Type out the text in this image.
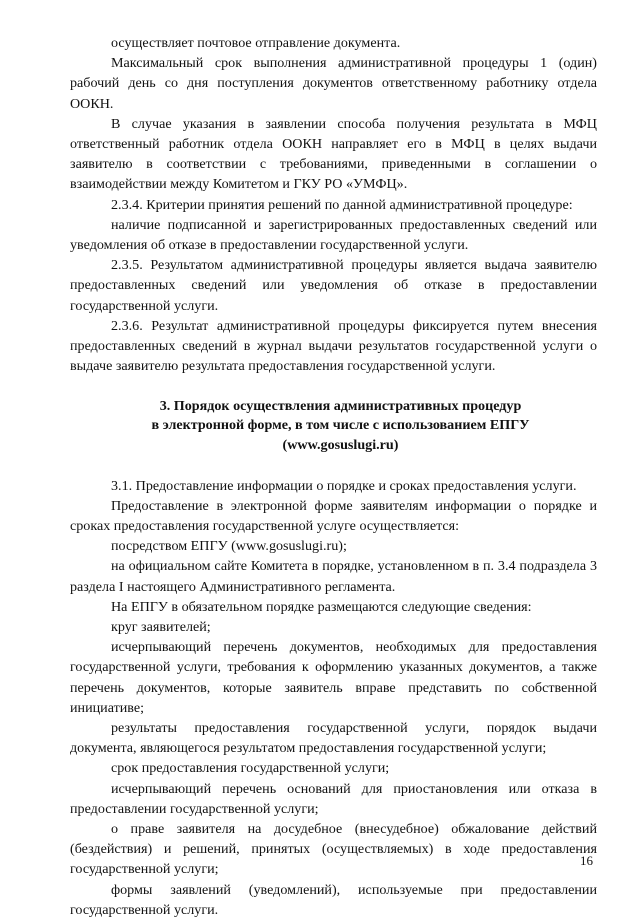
осуществляет почтовое отправление документа.

Максимальный срок выполнения административной процедуры 1 (один) рабочий день со дня поступления документов ответственному работнику отдела ООКН.

В случае указания в заявлении способа получения результата в МФЦ ответственный работник отдела ООКН направляет его в МФЦ в целях выдачи заявителю в соответствии с требованиями, приведенными в соглашении о взаимодействии между Комитетом и ГКУ РО «УМФЦ».

2.3.4. Критерии принятия решений по данной административной процедуре:

наличие подписанной и зарегистрированных предоставленных сведений или уведомления об отказе в предоставлении государственной услуги.

2.3.5. Результатом административной процедуры является выдача заявителю предоставленных сведений или уведомления об отказе в предоставлении государственной услуги.

2.3.6. Результат административной процедуры фиксируется путем внесения предоставленных сведений в журнал выдачи результатов государственной услуги о выдаче заявителю результата предоставления государственной услуги.

3. Порядок осуществления административных процедур
в электронной форме, в том числе с использованием ЕПГУ
(www.gosuslugi.ru)

3.1. Предоставление информации о порядке и сроках предоставления услуги.

Предоставление в электронной форме заявителям информации о порядке и сроках предоставления государственной услуге осуществляется:

посредством ЕПГУ (www.gosuslugi.ru);

на официальном сайте Комитета в порядке, установленном в п. 3.4 подраздела 3 раздела I настоящего Административного регламента.

На ЕПГУ в обязательном порядке размещаются следующие сведения:

круг заявителей;

исчерпывающий перечень документов, необходимых для предоставления государственной услуги, требования к оформлению указанных документов, а также перечень документов, которые заявитель вправе представить по собственной инициативе;

результаты предоставления государственной услуги, порядок выдачи документа, являющегося результатом предоставления государственной услуги;

срок предоставления государственной услуги;

исчерпывающий перечень оснований для приостановления или отказа в предоставлении государственной услуги;

о праве заявителя на досудебное (внесудебное) обжалование действий (бездействия) и решений, принятых (осуществляемых) в ходе предоставления государственной услуги;

формы заявлений (уведомлений), используемые при предоставлении государственной услуги.

16
